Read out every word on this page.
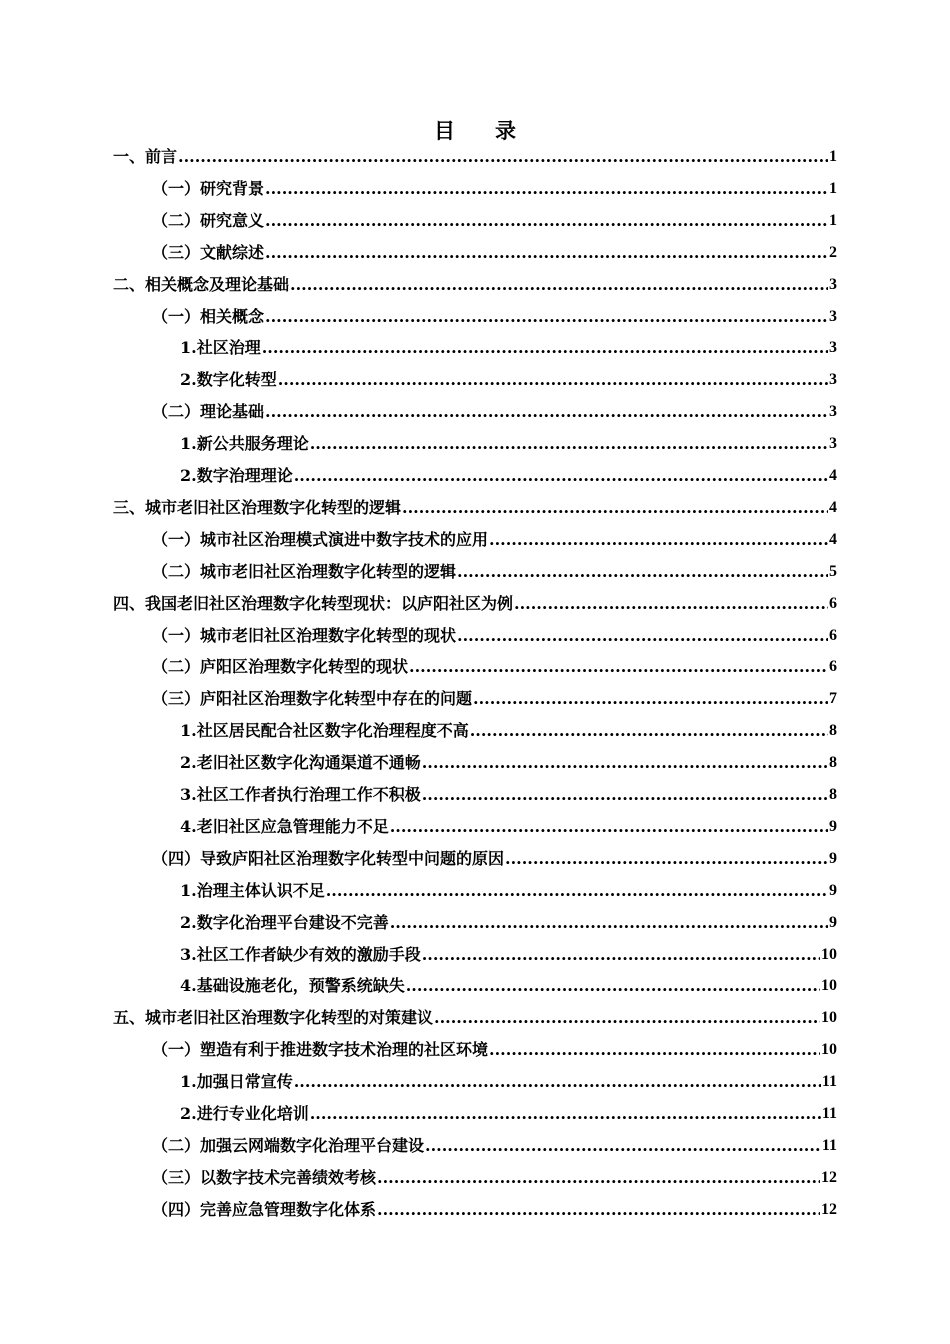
目 录
一、前言 .....	1
（一）研究背景 .....	1
（二）研究意义 .....	1
（三）文献综述 .....	2
二、相关概念及理论基础 .....	3
（一）相关概念 .....	3
1.社区治理 .....	3
2.数字化转型 .....	3
（二）理论基础 .....	3
1.新公共服务理论 .....	3
2.数字治理理论 .....	4
三、城市老旧社区治理数字化转型的逻辑 .....	4
（一）城市社区治理模式演进中数字技术的应用 .....	4
（二）城市老旧社区治理数字化转型的逻辑 .....	5
四、我国老旧社区治理数字化转型现状：以庐阳社区为例 .....	6
（一）城市老旧社区治理数字化转型的现状 .....	6
（二）庐阳区治理数字化转型的现状 .....	6
（三）庐阳社区治理数字化转型中存在的问题 .....	7
1.社区居民配合社区数字化治理程度不高 .....	8
2.老旧社区数字化沟通渠道不通畅 .....	8
3.社区工作者执行治理工作不积极 .....	8
4.老旧社区应急管理能力不足 .....	9
（四）导致庐阳社区治理数字化转型中问题的原因 .....	9
1.治理主体认识不足 .....	9
2.数字化治理平台建设不完善 .....	9
3.社区工作者缺少有效的激励手段 .....	10
4.基础设施老化，预警系统缺失 .....	10
五、城市老旧社区治理数字化转型的对策建议 .....	10
（一）塑造有利于推进数字技术治理的社区环境 .....	10
1.加强日常宣传 .....	11
2.进行专业化培训 .....	11
（二）加强云网端数字化治理平台建设 .....	11
（三）以数字技术完善绩效考核 .....	12
（四）完善应急管理数字化体系 .....	12
